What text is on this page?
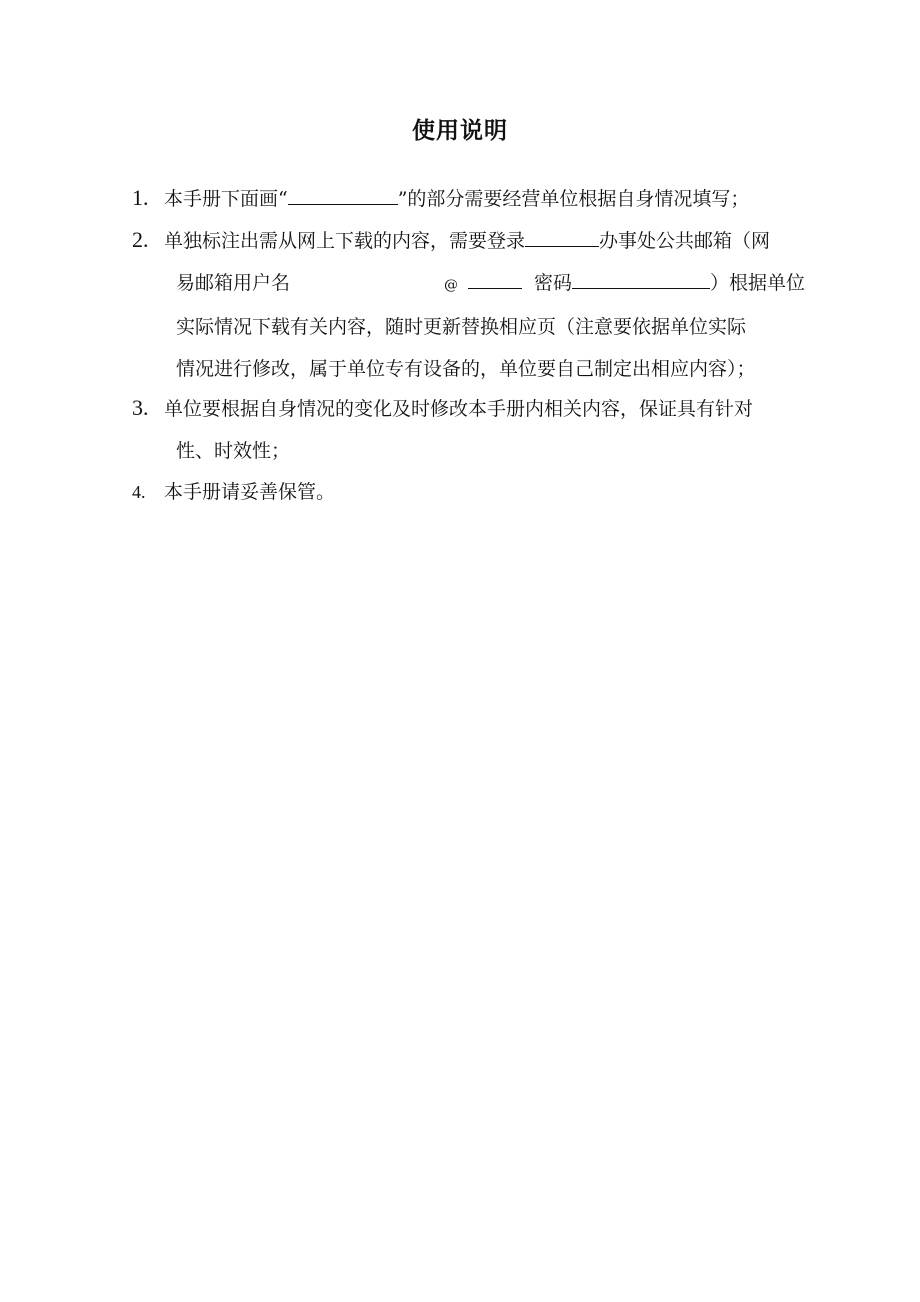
使用说明
1. 本手册下面画“	”的部分需要经营单位根据自身情况填写；
2. 单独标注出需从网上下载的内容，需要登录	办事处公共邮箱（网
易邮箱用户名	@	密码	）根据单位
实际情况下载有关内容，随时更新替换相应页（注意要依据单位实际
情况进行修改，属于单位专有设备的，单位要自己制定出相应内容）；
3. 单位要根据自身情况的变化及时修改本手册内相关内容，保证具有针对
性、时效性；
4. 本手册请妥善保管。
